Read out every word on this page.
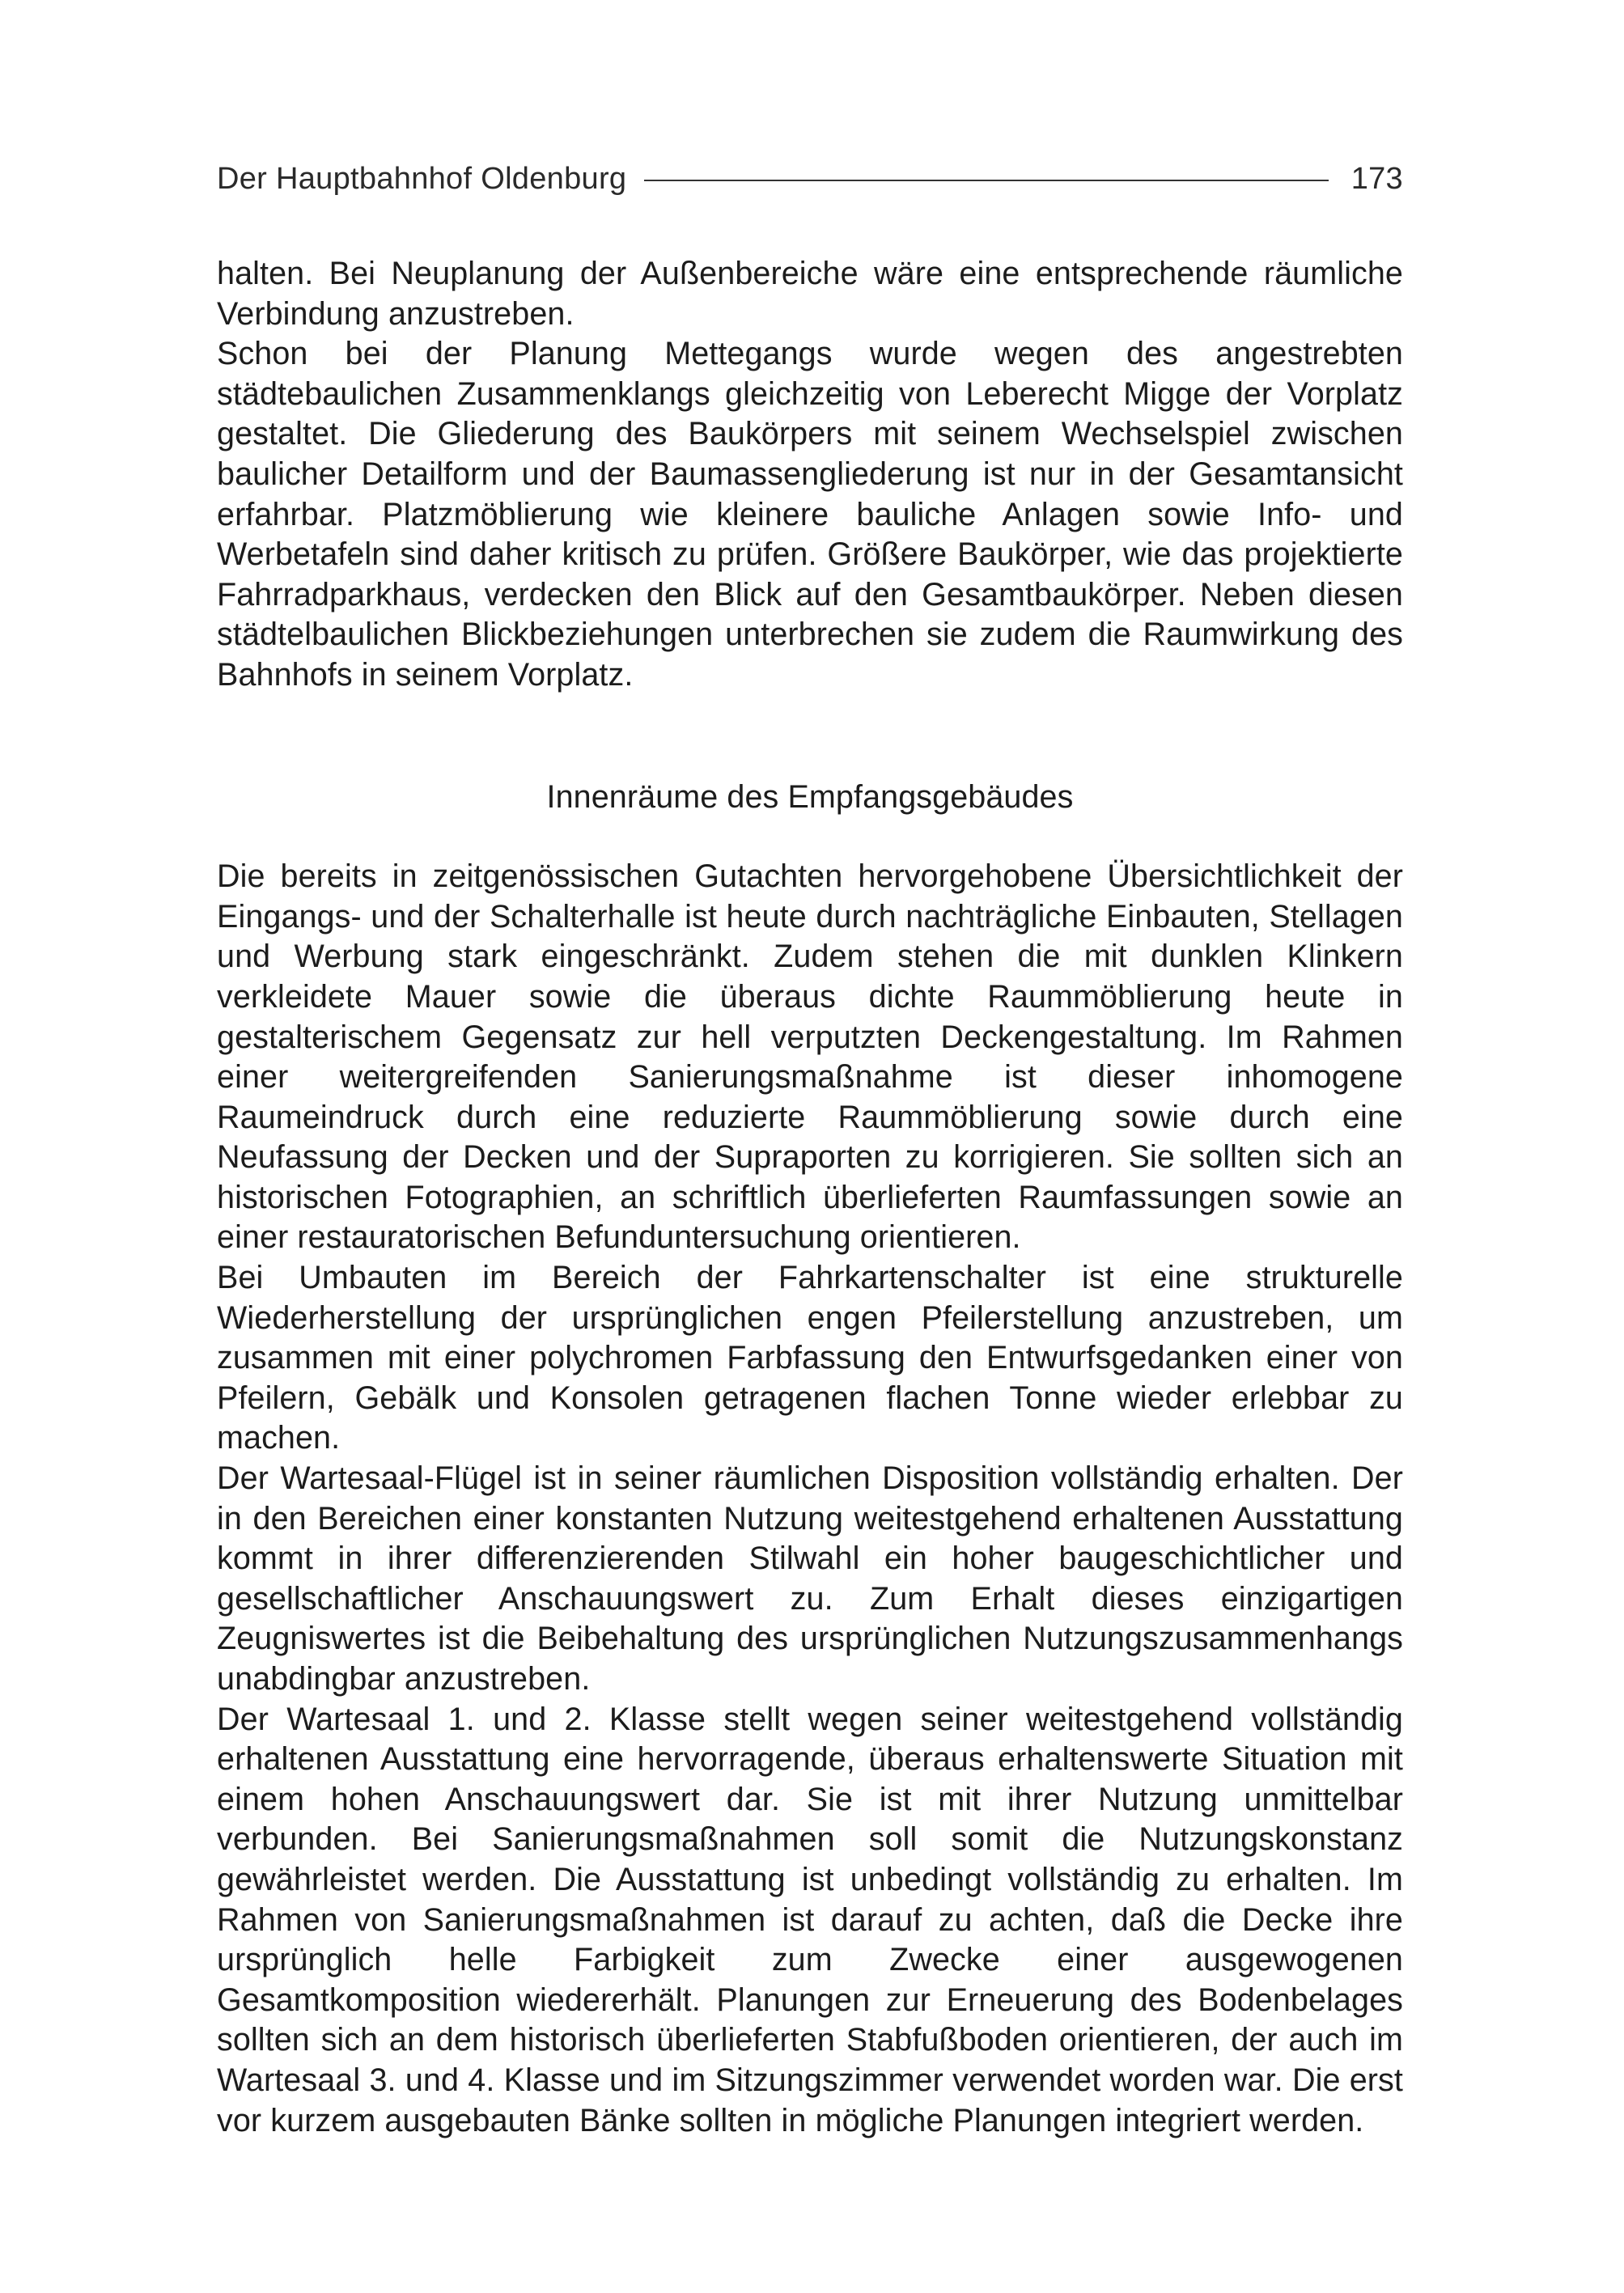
Der Hauptbahnhof Oldenburg	173

halten. Bei Neuplanung der Außenbereiche wäre eine entsprechende räumliche Verbindung anzustreben.

Schon bei der Planung Mettegangs wurde wegen des angestrebten städtebaulichen Zusammenklangs gleichzeitig von Leberecht Migge der Vorplatz gestaltet. Die Gliederung des Baukörpers mit seinem Wechselspiel zwischen baulicher Detailform und der Baumassengliederung ist nur in der Gesamtansicht erfahrbar. Platzmöblierung wie kleinere bauliche Anlagen sowie Info- und Werbetafeln sind daher kritisch zu prüfen. Größere Baukörper, wie das projektierte Fahrradparkhaus, verdecken den Blick auf den Gesamtbaukörper. Neben diesen städtelbaulichen Blickbeziehungen unterbrechen sie zudem die Raumwirkung des Bahnhofs in seinem Vorplatz.

Innenräume des Empfangsgebäudes

Die bereits in zeitgenössischen Gutachten hervorgehobene Übersichtlichkeit der Eingangs- und der Schalterhalle ist heute durch nachträgliche Einbauten, Stellagen und Werbung stark eingeschränkt. Zudem stehen die mit dunklen Klinkern verkleidete Mauer sowie die überaus dichte Raummöblierung heute in gestalterischem Gegensatz zur hell verputzten Deckengestaltung. Im Rahmen einer weitergreifenden Sanierungsmaßnahme ist dieser inhomogene Raumeindruck durch eine reduzierte Raummöblierung sowie durch eine Neufassung der Decken und der Supraporten zu korrigieren. Sie sollten sich an historischen Fotographien, an schriftlich überlieferten Raumfassungen sowie an einer restauratorischen Befunduntersuchung orientieren.

Bei Umbauten im Bereich der Fahrkartenschalter ist eine strukturelle Wiederherstellung der ursprünglichen engen Pfeilerstellung anzustreben, um zusammen mit einer polychromen Farbfassung den Entwurfsgedanken einer von Pfeilern, Gebälk und Konsolen getragenen flachen Tonne wieder erlebbar zu machen.

Der Wartesaal-Flügel ist in seiner räumlichen Disposition vollständig erhalten. Der in den Bereichen einer konstanten Nutzung weitestgehend erhaltenen Ausstattung kommt in ihrer differenzierenden Stilwahl ein hoher baugeschichtlicher und gesellschaftlicher Anschauungswert zu. Zum Erhalt dieses einzigartigen Zeugniswertes ist die Beibehaltung des ursprünglichen Nutzungszusammenhangs unabdingbar anzustreben.

Der Wartesaal 1. und 2. Klasse stellt wegen seiner weitestgehend vollständig erhaltenen Ausstattung eine hervorragende, überaus erhaltenswerte Situation mit einem hohen Anschauungswert dar. Sie ist mit ihrer Nutzung unmittelbar verbunden. Bei Sanierungsmaßnahmen soll somit die Nutzungskonstanz gewährleistet werden. Die Ausstattung ist unbedingt vollständig zu erhalten. Im Rahmen von Sanierungsmaßnahmen ist darauf zu achten, daß die Decke ihre ursprünglich helle Farbigkeit zum Zwecke einer ausgewogenen Gesamtkomposition wiedererhält. Planungen zur Erneuerung des Bodenbelages sollten sich an dem historisch überlieferten Stabfußboden orientieren, der auch im Wartesaal 3. und 4. Klasse und im Sitzungszimmer verwendet worden war. Die erst vor kurzem ausgebauten Bänke sollten in mögliche Planungen integriert werden.
